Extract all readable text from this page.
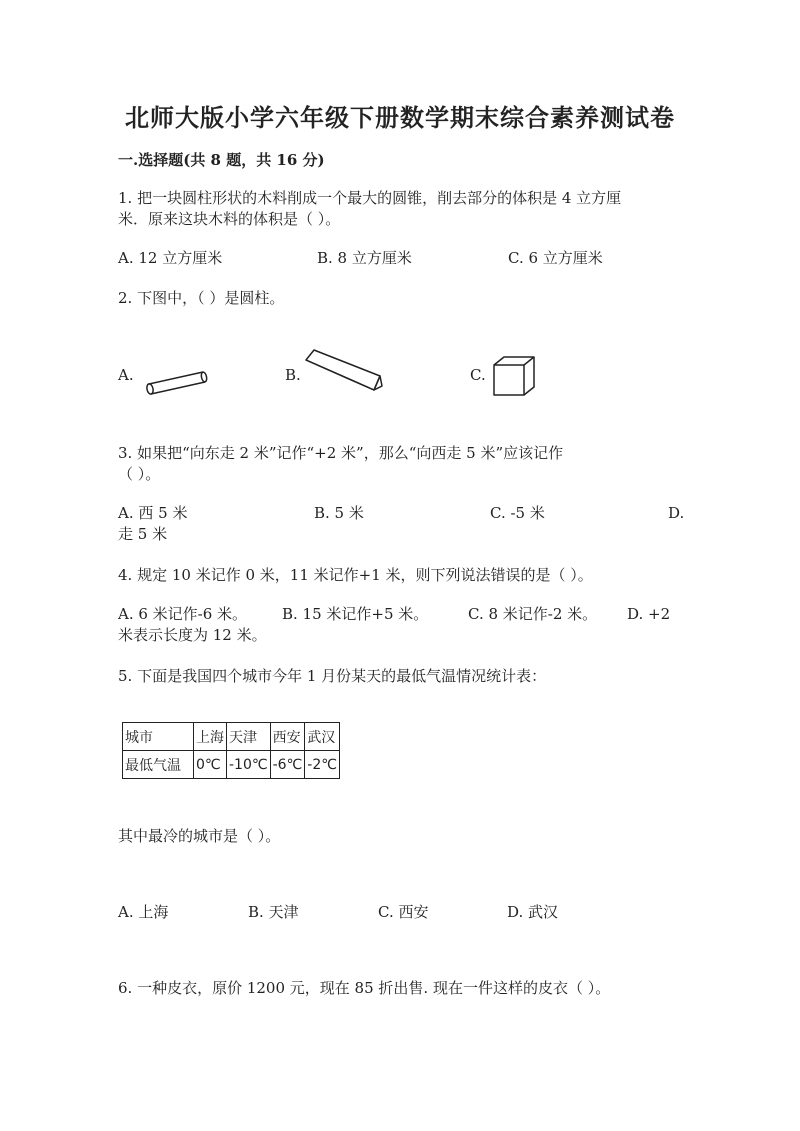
北师大版小学六年级下册数学期末综合素养测试卷
一.选择题(共 8 题，共 16 分)
1. 把一块圆柱形状的木料削成一个最大的圆锥，削去部分的体积是 4 立方厘
米．原来这块木料的体积是（ ）。
A. 12 立方厘米	B. 8 立方厘米	C. 6 立方厘米
2. 下图中，（ ）是圆柱。
A.	B.	C.
3. 如果把“向东走 2 米”记作“+2 米”，那么“向西走 5 米”应该记作
（ ）。
A. 西 5 米	B. 5 米	C. -5 米	D.
走 5 米
4. 规定 10 米记作 0 米，11 米记作+1 米，则下列说法错误的是（ ）。
A. 6 米记作-6 米。 B. 15 米记作+5 米。	C. 8 米记作-2 米。 D. +2
米表示长度为 12 米。
5. 下面是我国四个城市今年 1 月份某天的最低气温情况统计表：
城市	上海	天津	西安	武汉
最低气温	0℃	-10℃	-6℃	-2℃
其中最冷的城市是（ ）。
A. 上海	B. 天津	C. 西安	D. 武汉
6. 一种皮衣，原价 1200 元，现在 85 折出售. 现在一件这样的皮衣（ ）。
